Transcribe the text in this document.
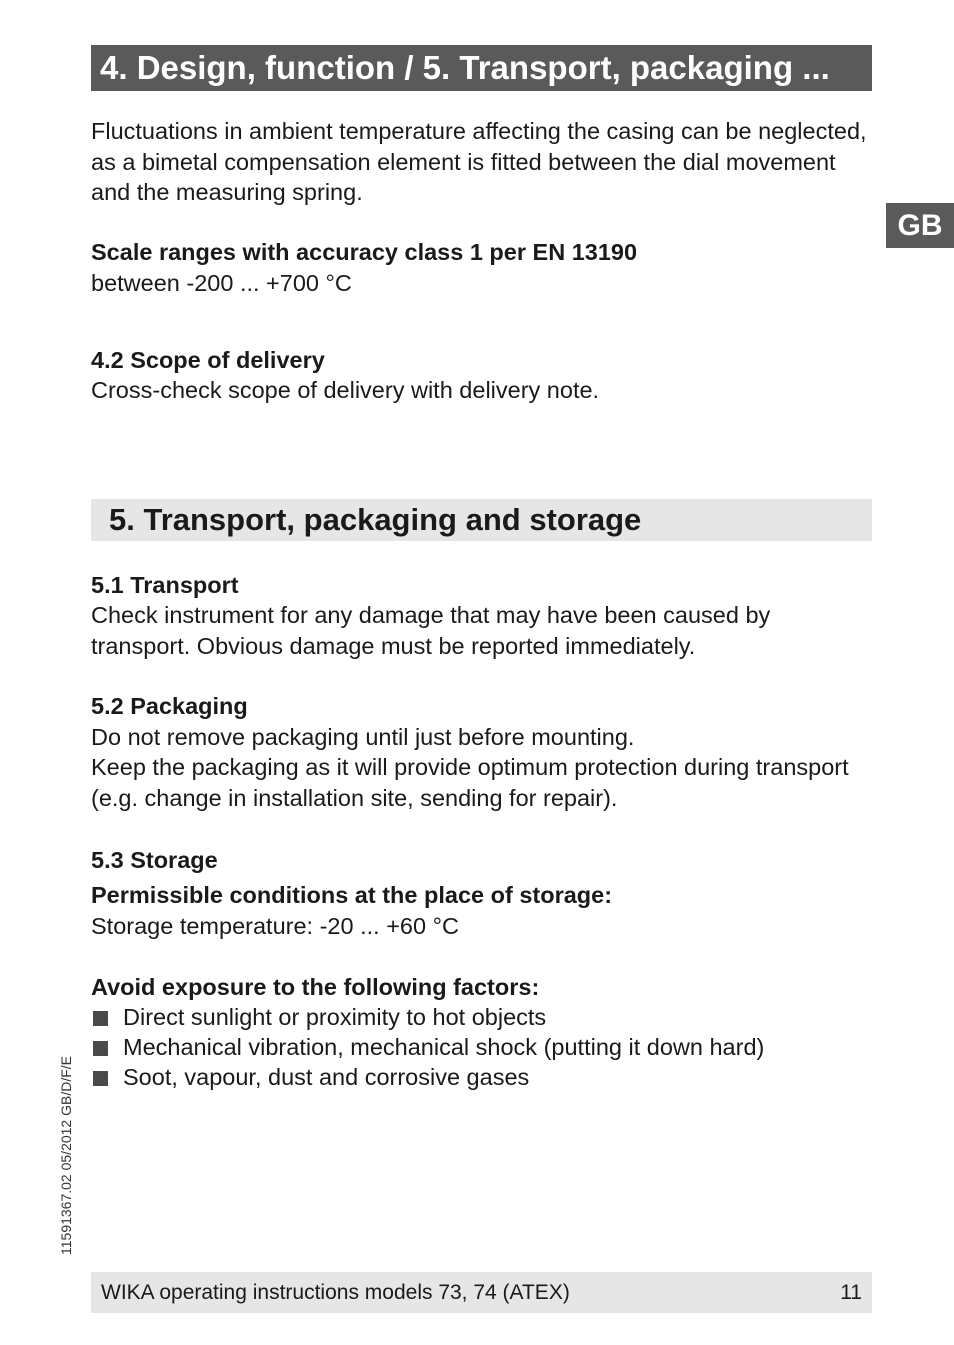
4. Design, function / 5. Transport, packaging ...
GB

Fluctuations in ambient temperature affecting the casing can be neglected, as a bimetal compensation element is fitted between the dial movement and the measuring spring.

Scale ranges with accuracy class 1 per EN 13190

between -200 ... +700 °C

4.2 Scope of delivery

Cross-check scope of delivery with delivery note.

5. Transport, packaging and storage

5.1 Transport

Check instrument for any damage that may have been caused by transport. Obvious damage must be reported immediately.

5.2 Packaging

Do not remove packaging until just before mounting.

Keep the packaging as it will provide optimum protection during transport (e.g. change in installation site, sending for repair).

5.3 Storage

Permissible conditions at the place of storage:

Storage temperature: -20 ... +60 °C

Avoid exposure to the following factors:

Direct sunlight or proximity to hot objects
Mechanical vibration, mechanical shock (putting it down hard)
Soot, vapour, dust and corrosive gases
11591367.02 05/2012 GB/D/F/E
WIKA operating instructions models 73, 74 (ATEX)	11
